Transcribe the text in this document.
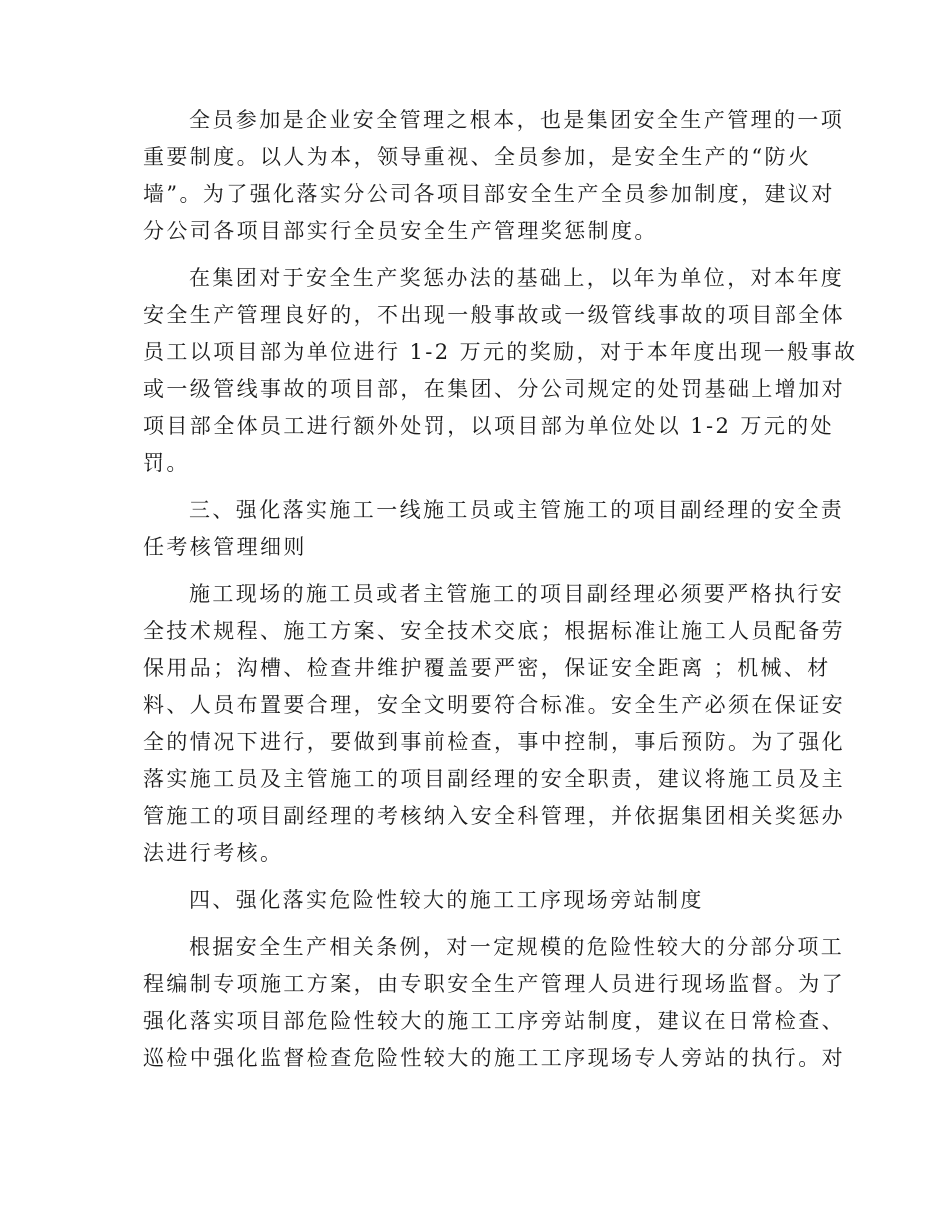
全员参加是企业安全管理之根本，也是集团安全生产管理的一项
重要制度。以人为本，领导重视、全员参加，是安全生产的“防火
墙”。为了强化落实分公司各项目部安全生产全员参加制度，建议对
分公司各项目部实行全员安全生产管理奖惩制度。

在集团对于安全生产奖惩办法的基础上，以年为单位，对本年度
安全生产管理良好的，不出现一般事故或一级管线事故的项目部全体
员工以项目部为单位进行 1-2 万元的奖励，对于本年度出现一般事故
或一级管线事故的项目部，在集团、分公司规定的处罚基础上增加对
项目部全体员工进行额外处罚，以项目部为单位处以 1-2 万元的处
罚。

三、强化落实施工一线施工员或主管施工的项目副经理的安全责
任考核管理细则

施工现场的施工员或者主管施工的项目副经理必须要严格执行安
全技术规程、施工方案、安全技术交底；根据标准让施工人员配备劳
保用品；沟槽、检查井维护覆盖要严密，保证安全距离 ；机械、材
料、人员布置要合理，安全文明要符合标准。安全生产必须在保证安
全的情况下进行，要做到事前检查，事中控制，事后预防。为了强化
落实施工员及主管施工的项目副经理的安全职责，建议将施工员及主
管施工的项目副经理的考核纳入安全科管理，并依据集团相关奖惩办
法进行考核。

四、强化落实危险性较大的施工工序现场旁站制度

根据安全生产相关条例，对一定规模的危险性较大的分部分项工
程编制专项施工方案，由专职安全生产管理人员进行现场监督。为了
强化落实项目部危险性较大的施工工序旁站制度，建议在日常检查、
巡检中强化监督检查危险性较大的施工工序现场专人旁站的执行。对
